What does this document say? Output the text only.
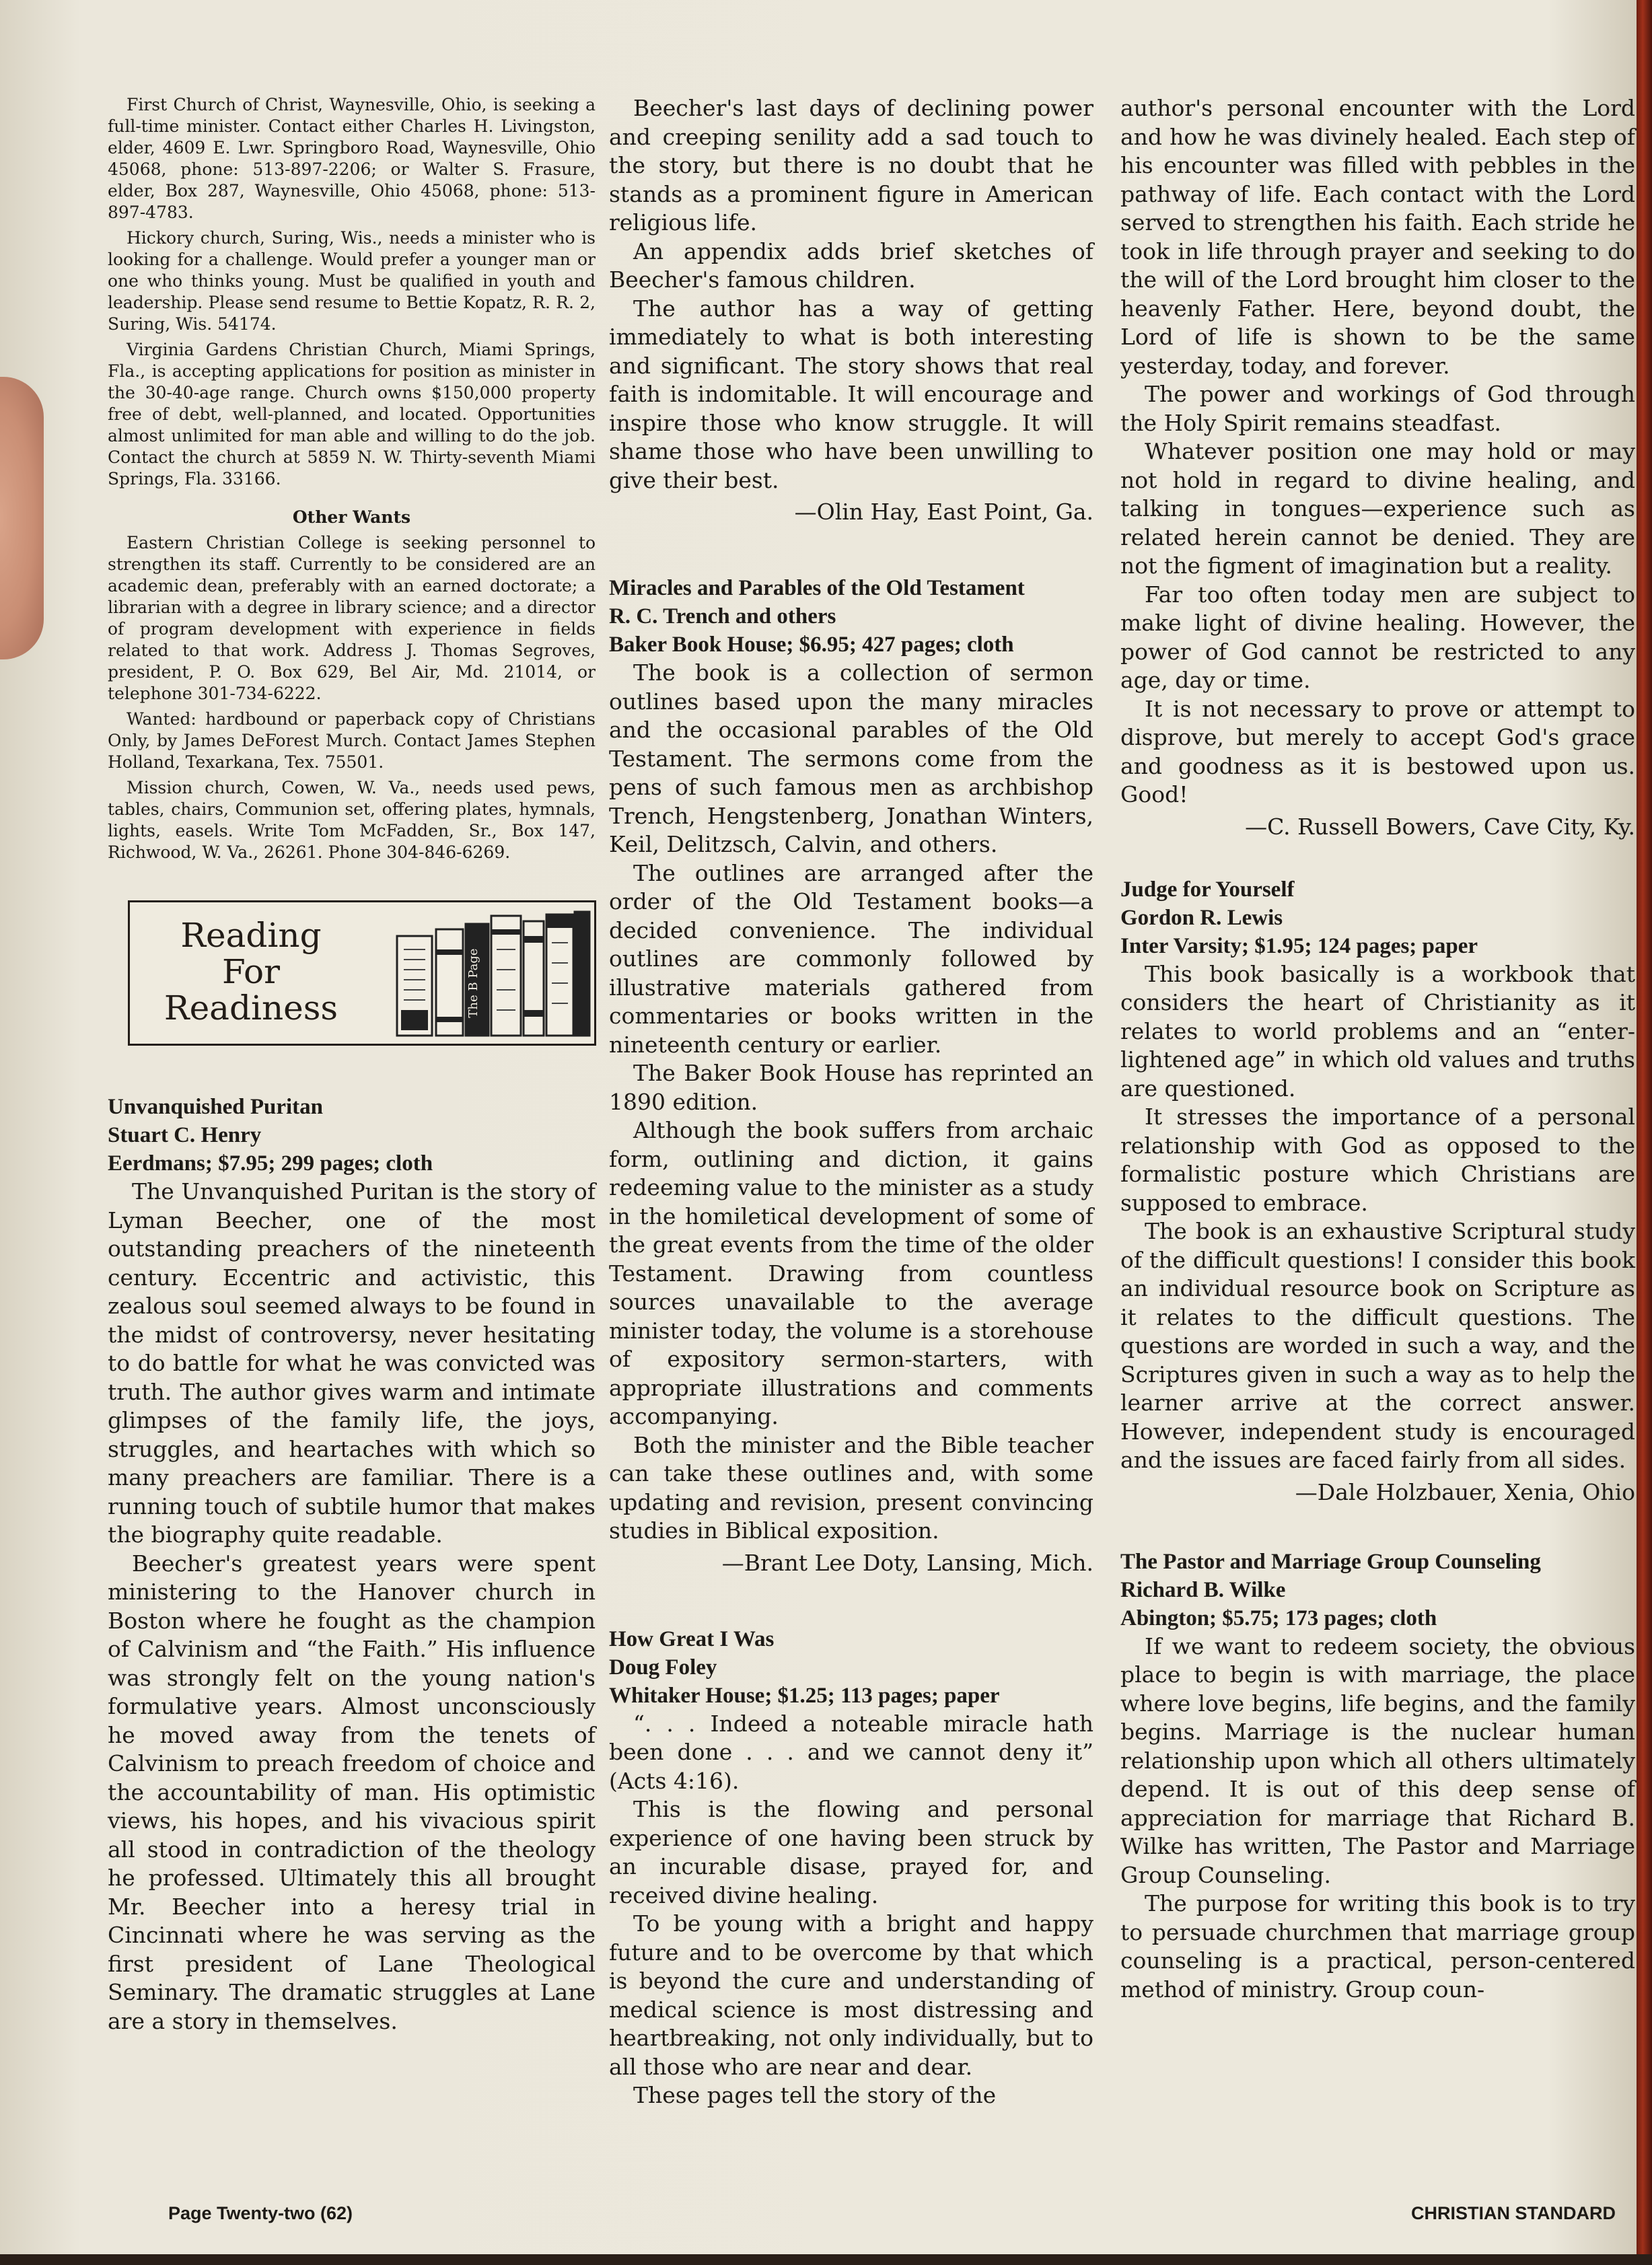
First Church of Christ, Waynesville, Ohio, is seeking a full-time minister. Contact either Charles H. Livingston, elder, 4609 E. Lwr. Springboro Road, Waynesville, Ohio 45068, phone: 513-897-2206; or Walter S. Frasure, elder, Box 287, Waynesville, Ohio 45068, phone: 513-897-4783.

Hickory church, Suring, Wis., needs a minister who is looking for a challenge. Would prefer a younger man or one who thinks young. Must be qualified in youth and leadership. Please send resume to Bettie Kopatz, R. R. 2, Suring, Wis. 54174.

Virginia Gardens Christian Church, Miami Springs, Fla., is accepting applications for position as minister in the 30-40-age range. Church owns $150,000 property free of debt, well-planned, and located. Opportunities almost unlimited for man able and willing to do the job. Contact the church at 5859 N. W. Thirty-seventh Miami Springs, Fla. 33166.

Other Wants

Eastern Christian College is seeking personnel to strengthen its staff. Currently to be considered are an academic dean, preferably with an earned doctorate; a librarian with a degree in library science; and a director of program development with experience in fields related to that work. Address J. Thomas Segroves, president, P. O. Box 629, Bel Air, Md. 21014, or telephone 301-734-6222.

Wanted: hardbound or paperback copy of Christians Only, by James DeForest Murch. Contact James Stephen Holland, Texarkana, Tex. 75501.

Mission church, Cowen, W. Va., needs used pews, tables, chairs, Communion set, offering plates, hymnals, lights, easels. Write Tom McFadden, Sr., Box 147, Richwood, W. Va., 26261. Phone 304-846-6269.

Reading
For
Readiness	The B Page
Unvanquished Puritan
Stuart C. Henry
Eerdmans; $7.95; 299 pages; cloth

The Unvanquished Puritan is the story of Lyman Beecher, one of the most outstanding preachers of the nineteenth century. Eccentric and activistic, this zealous soul seemed always to be found in the midst of controversy, never hesitating to do battle for what he was convicted was truth. The author gives warm and intimate glimpses of the family life, the joys, struggles, and heartaches with which so many preachers are familiar. There is a running touch of subtile humor that makes the biography quite readable.

Beecher's greatest years were spent ministering to the Hanover church in Boston where he fought as the champion of Calvinism and “the Faith.” His influence was strongly felt on the young nation's formulative years. Almost unconsciously he moved away from the tenets of Calvinism to preach freedom of choice and the accountability of man. His optimistic views, his hopes, and his vivacious spirit all stood in contradiction of the theology he professed. Ultimately this all brought Mr. Beecher into a heresy trial in Cincinnati where he was serving as the first president of Lane Theological Seminary. The dramatic struggles at Lane are a story in themselves.

Beecher's last days of declining power and creeping senility add a sad touch to the story, but there is no doubt that he stands as a prominent figure in American religious life.

An appendix adds brief sketches of Beecher's famous children.

The author has a way of getting immediately to what is both interesting and significant. The story shows that real faith is indomitable. It will encourage and inspire those who know struggle. It will shame those who have been unwilling to give their best.

—Olin Hay, East Point, Ga.

Miracles and Parables of the Old Testament
R. C. Trench and others
Baker Book House; $6.95; 427 pages; cloth

The book is a collection of sermon outlines based upon the many miracles and the occasional parables of the Old Testament. The sermons come from the pens of such famous men as archbishop Trench, Hengstenberg, Jonathan Winters, Keil, Delitzsch, Calvin, and others.

The outlines are arranged after the order of the Old Testament books—a decided convenience. The individual outlines are commonly followed by illustrative materials gathered from commentaries or books written in the nineteenth century or earlier.

The Baker Book House has reprinted an 1890 edition.

Although the book suffers from archaic form, outlining and diction, it gains redeeming value to the minister as a study in the homiletical development of some of the great events from the time of the older Testament. Drawing from countless sources unavailable to the average minister today, the volume is a storehouse of expository sermon-starters, with appropriate illustrations and comments accompanying.

Both the minister and the Bible teacher can take these outlines and, with some updating and revision, present convincing studies in Biblical exposition.

—Brant Lee Doty, Lansing, Mich.

How Great I Was
Doug Foley
Whitaker House; $1.25; 113 pages; paper

“. . . Indeed a noteable miracle hath been done . . . and we cannot deny it” (Acts 4:16).

This is the flowing and personal experience of one having been struck by an incurable disase, prayed for, and received divine healing.

To be young with a bright and happy future and to be overcome by that which is beyond the cure and understanding of medical science is most distressing and heartbreaking, not only individually, but to all those who are near and dear.

These pages tell the story of the

author's personal encounter with the Lord and how he was divinely healed. Each step of his encounter was filled with pebbles in the pathway of life. Each contact with the Lord served to strengthen his faith. Each stride he took in life through prayer and seeking to do the will of the Lord brought him closer to the heavenly Father. Here, beyond doubt, the Lord of life is shown to be the same yesterday, today, and forever.

The power and workings of God through the Holy Spirit remains steadfast.

Whatever position one may hold or may not hold in regard to divine healing, and talking in tongues—experience such as related herein cannot be denied. They are not the figment of imagination but a reality.

Far too often today men are subject to make light of divine healing. However, the power of God cannot be restricted to any age, day or time.

It is not necessary to prove or attempt to disprove, but merely to accept God's grace and goodness as it is bestowed upon us. Good!

—C. Russell Bowers, Cave City, Ky.

Judge for Yourself
Gordon R. Lewis
Inter Varsity; $1.95; 124 pages; paper

This book basically is a workbook that considers the heart of Christianity as it relates to world problems and an “enter-lightened age” in which old values and truths are questioned.

It stresses the importance of a personal relationship with God as opposed to the formalistic posture which Christians are supposed to embrace.

The book is an exhaustive Scriptural study of the difficult questions! I consider this book an individual resource book on Scripture as it relates to the difficult questions. The questions are worded in such a way, and the Scriptures given in such a way as to help the learner arrive at the correct answer. However, independent study is encouraged and the issues are faced fairly from all sides.

—Dale Holzbauer, Xenia, Ohio

The Pastor and Marriage Group Counseling
Richard B. Wilke
Abington; $5.75; 173 pages; cloth

If we want to redeem society, the obvious place to begin is with marriage, the place where love begins, life begins, and the family begins. Marriage is the nuclear human relationship upon which all others ultimately depend. It is out of this deep sense of appreciation for marriage that Richard B. Wilke has written, The Pastor and Marriage Group Counseling.

The purpose for writing this book is to try to persuade churchmen that marriage group counseling is a practical, person-centered method of ministry. Group coun-

Page Twenty-two (62)	CHRISTIAN STANDARD
